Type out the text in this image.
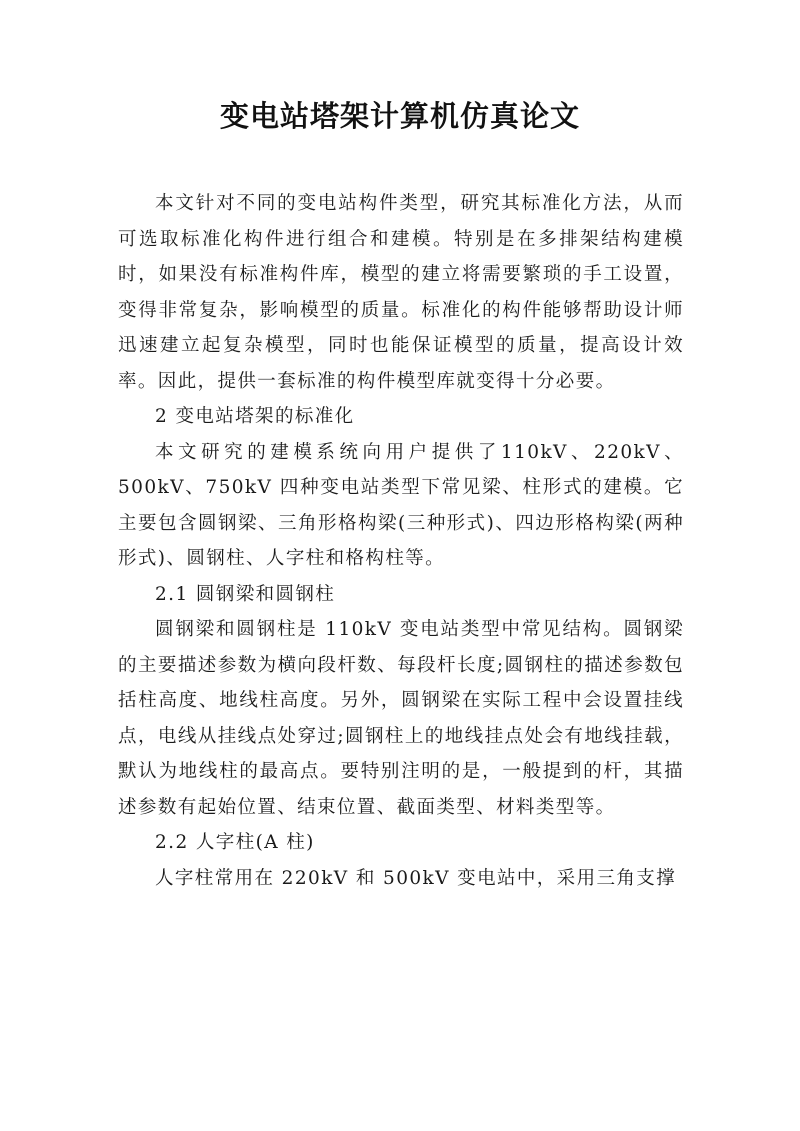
变电站塔架计算机仿真论文

本文针对不同的变电站构件类型，研究其标准化方法，从而可选取标准化构件进行组合和建模。特别是在多排架结构建模时，如果没有标准构件库，模型的建立将需要繁琐的手工设置，变得非常复杂，影响模型的质量。标准化的构件能够帮助设计师迅速建立起复杂模型，同时也能保证模型的质量，提高设计效率。因此，提供一套标准的构件模型库就变得十分必要。

2 变电站塔架的标准化

本文研究的建模系统向用户提供了110kV、220kV、500kV、750kV 四种变电站类型下常见梁、柱形式的建模。它主要包含圆钢梁、三角形格构梁(三种形式)、四边形格构梁(两种形式)、圆钢柱、人字柱和格构柱等。

2.1 圆钢梁和圆钢柱

圆钢梁和圆钢柱是 110kV 变电站类型中常见结构。圆钢梁的主要描述参数为横向段杆数、每段杆长度;圆钢柱的描述参数包括柱高度、地线柱高度。另外，圆钢梁在实际工程中会设置挂线点，电线从挂线点处穿过;圆钢柱上的地线挂点处会有地线挂载，默认为地线柱的最高点。要特别注明的是，一般提到的杆，其描述参数有起始位置、结束位置、截面类型、材料类型等。

2.2 人字柱(A 柱)

人字柱常用在 220kV 和 500kV 变电站中，采用三角支撑
